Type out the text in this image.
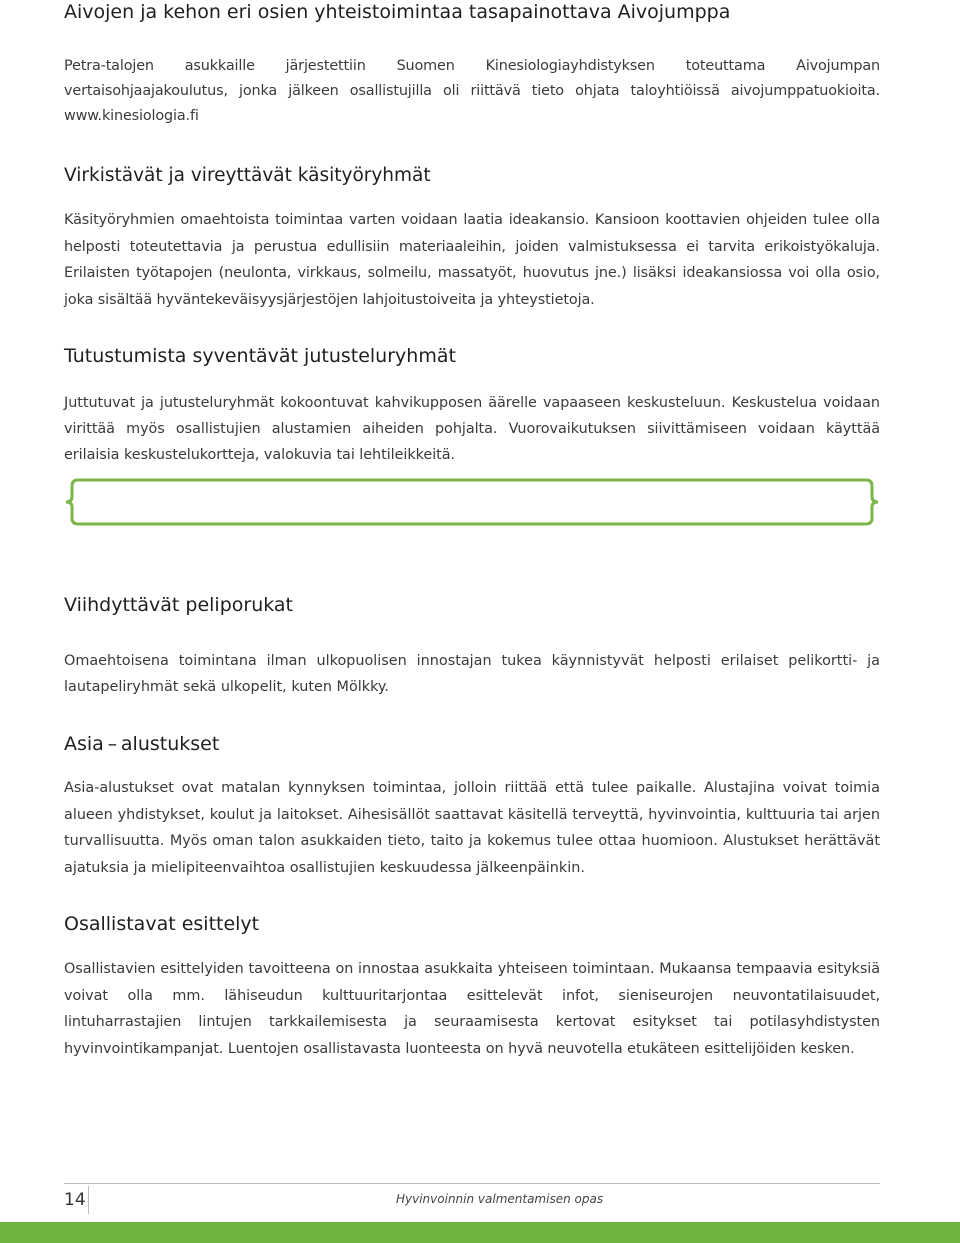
Aivojen ja kehon eri osien yhteistoimintaa tasapainottava Aivojumppa

Petra-talojen asukkaille järjestettiin Suomen Kinesiologiayhdistyksen toteuttama Aivojumpan vertaisohjaajakoulutus, jonka jälkeen osallistujilla oli riittävä tieto ohjata taloyhtiöissä aivojumppatuokioita. www.kinesiologia.fi

Virkistävät ja vireyttävät käsityöryhmät

Käsityöryhmien omaehtoista toimintaa varten voidaan laatia ideakansio. Kansioon koottavien ohjeiden tulee olla helposti toteutettavia ja perustua edullisiin materiaaleihin, joiden valmistuksessa ei tarvita erikoistyökaluja. Erilaisten työtapojen (neulonta, virkkaus, solmeilu, massatyöt, huovutus jne.) lisäksi ideakansiossa voi olla osio, joka sisältää hyväntekeväisyysjärjestöjen lahjoitustoiveita ja yhteystietoja.

Tutustumista syventävät jutusteluryhmät

Juttutuvat ja jutusteluryhmät kokoontuvat kahvikupposen äärelle vapaaseen keskusteluun. Keskustelua voidaan virittää myös osallistujien alustamien aiheiden pohjalta. Vuorovaikutuksen siivittämiseen voidaan käyttää erilaisia keskustelukortteja, valokuvia tai lehtileikkeitä.

Viihdyttävät peliporukat

Omaehtoisena toimintana ilman ulkopuolisen innostajan tukea käynnistyvät helposti erilaiset pelikortti- ja lautapeliryhmät sekä ulkopelit, kuten Mölkky.

Asia – alustukset

Asia-alustukset ovat matalan kynnyksen toimintaa, jolloin riittää että tulee paikalle. Alustajina voivat toimia alueen yhdistykset, koulut ja laitokset. Aihesisällöt saattavat käsitellä terveyttä, hyvinvointia, kulttuuria tai arjen turvallisuutta. Myös oman talon asukkaiden tieto, taito ja kokemus tulee ottaa huomioon. Alustukset herättävät ajatuksia ja mielipiteenvaihtoa osallistujien keskuudessa jälkeenpäinkin.

Osallistavat esittelyt

Osallistavien esittelyiden tavoitteena on innostaa asukkaita yhteiseen toimintaan. Mukaansa tempaavia esityksiä voivat olla mm. lähiseudun kulttuuritarjontaa esittelevät infot, sieniseurojen neuvontatilaisuudet, lintuharrastajien lintujen tarkkailemisesta ja seuraamisesta kertovat esitykset tai potilasyhdistysten hyvinvointikampanjat. Luentojen osallistavasta luonteesta on hyvä neuvotella etukäteen esittelijöiden kesken.

14	Hyvinvoinnin valmentamisen opas
